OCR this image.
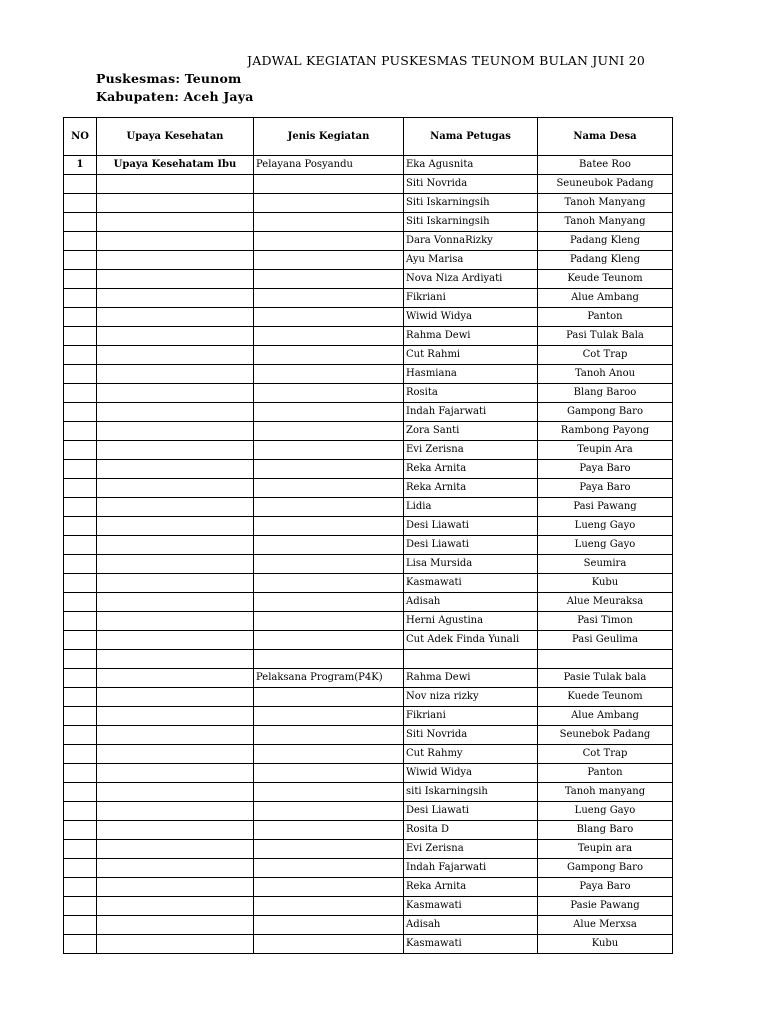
JADWAL KEGIATAN PUSKESMAS TEUNOM BULAN JUNI 20
Puskesmas: Teunom
Kabupaten: Aceh Jaya
NO	Upaya Kesehatan	Jenis Kegiatan	Nama Petugas	Nama Desa
1	Upaya Kesehatam Ibu	Pelayana Posyandu	Eka Agusnita	Batee Roo
			Siti Novrida	Seuneubok Padang
			Siti Iskarningsih	Tanoh Manyang
			Siti Iskarningsih	Tanoh Manyang
			Dara VonnaRizky	Padang Kleng
			Ayu Marisa	Padang Kleng
			Nova Niza Ardiyati	Keude Teunom
			Fikriani	Alue Ambang
			Wiwid Widya	Panton
			Rahma Dewi	Pasi Tulak Bala
			Cut Rahmi	Cot Trap
			Hasmiana	Tanoh Anou
			Rosita	Blang Baroo
			Indah Fajarwati	Gampong Baro
			Zora Santi	Rambong Payong
			Evi Zerisna	Teupin Ara
			Reka Arnita	Paya Baro
			Reka Arnita	Paya Baro
			Lidia	Pasi Pawang
			Desi Liawati	Lueng Gayo
			Desi Liawati	Lueng Gayo
			Lisa Mursida	Seumira
			Kasmawati	Kubu
			Adisah	Alue Meuraksa
			Herni Agustina	Pasi Timon
			Cut Adek Finda Yunali	Pasi Geulima

		Pelaksana Program(P4K)	Rahma Dewi	Pasie Tulak bala
			Nov niza rizky	Kuede Teunom
			Fikriani	Alue Ambang
			Siti Novrida	Seunebok Padang
			Cut Rahmy	Cot Trap
			Wiwid Widya	Panton
			siti Iskarningsih	Tanoh manyang
			Desi Liawati	Lueng Gayo
			Rosita D	Blang Baro
			Evi Zerisna	Teupin ara
			Indah Fajarwati	Gampong Baro
			Reka Arnita	Paya Baro
			Kasmawati	Pasie Pawang
			Adisah	Alue Merxsa
			Kasmawati	Kubu
